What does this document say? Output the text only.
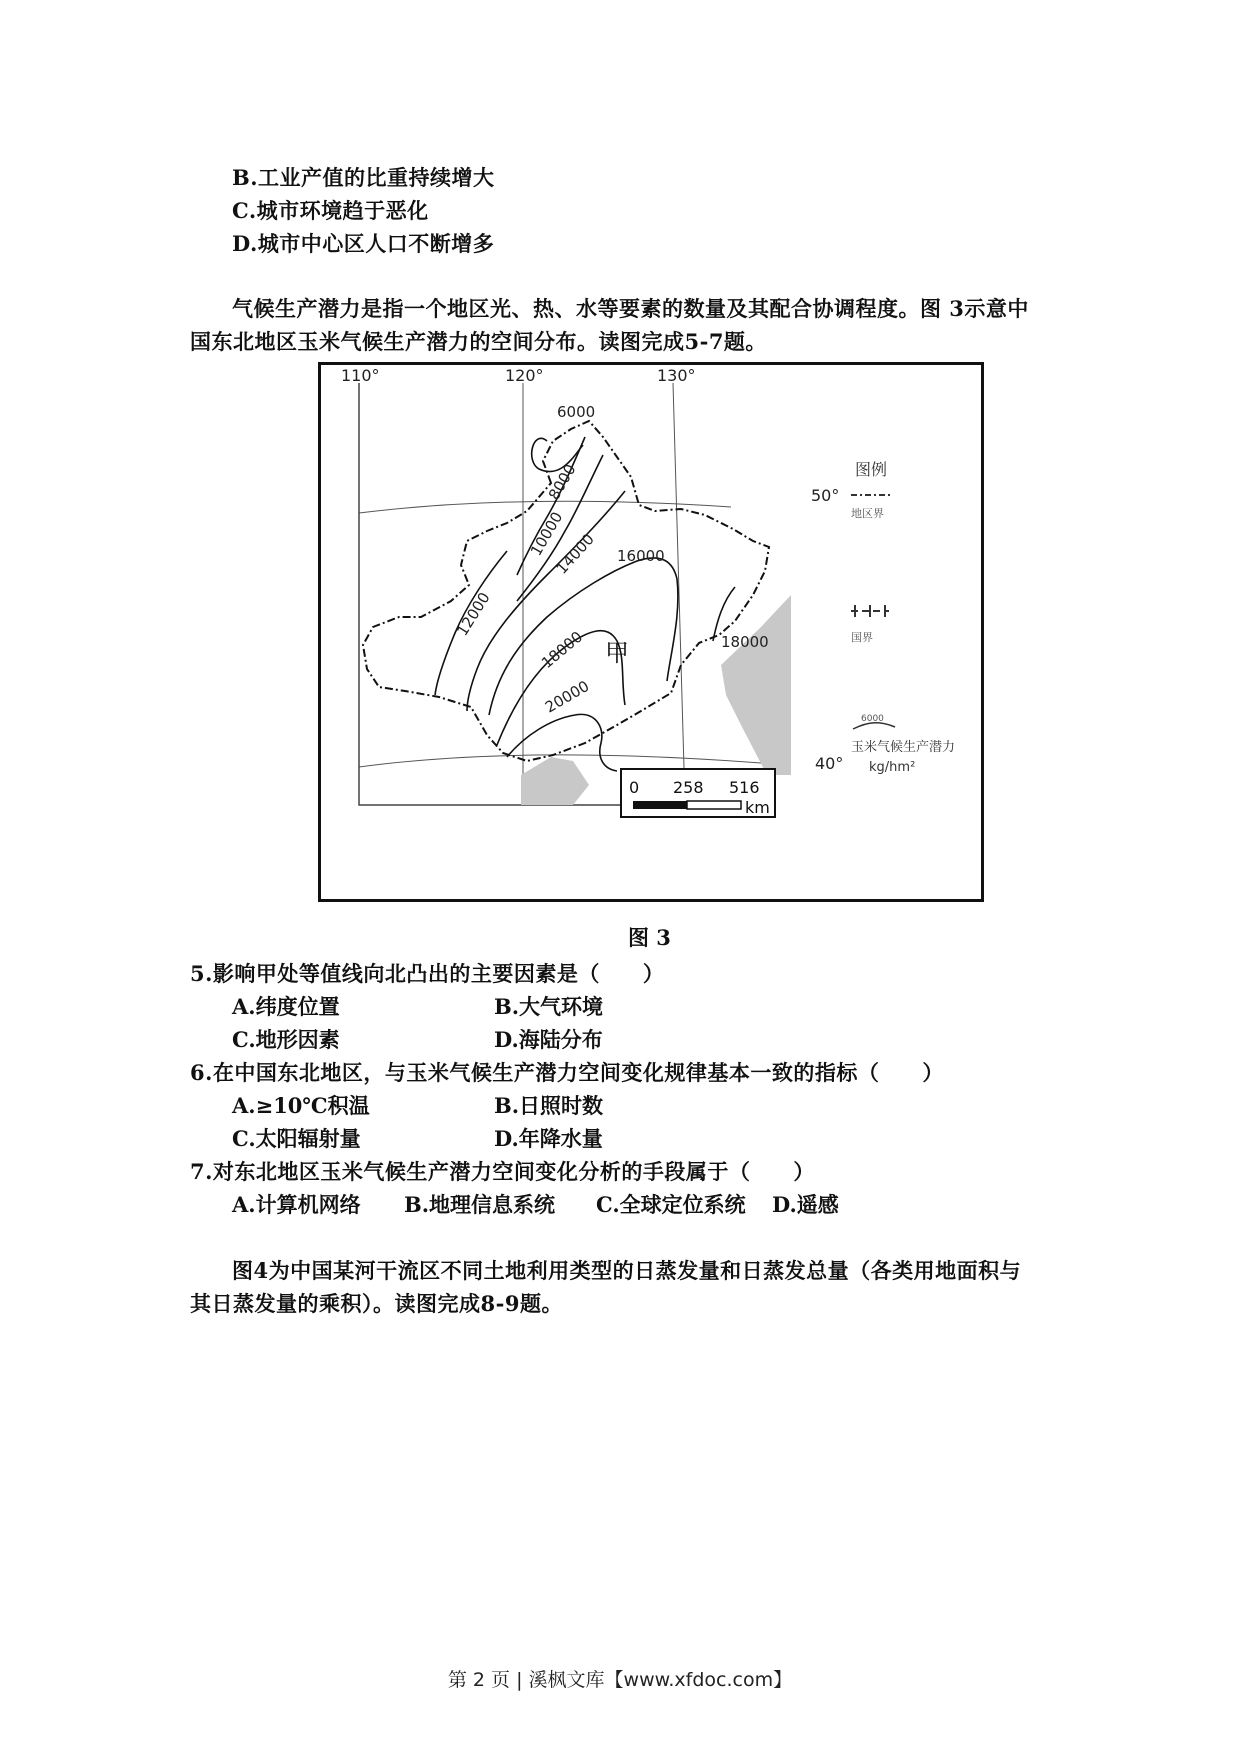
B.工业产值的比重持续增大
C.城市环境趋于恶化
D.城市中心区人口不断增多
气候生产潜力是指一个地区光、热、水等要素的数量及其配合协调程度。图 3示意中
国东北地区玉米气候生产潜力的空间分布。读图完成5-7题。
6000
8000
10000
12000
14000 16000
18000	18000
20000
甲
110°	120°	130°
50°
40°
图例
地区界
国界
6000
玉米气候生产潜力
kg/hm²
0 258 516
km
图 3
5.影响甲处等值线向北凸出的主要因素是（　　）
A.纬度位置	B.大气环境
C.地形因素	D.海陆分布
6.在中国东北地区，与玉米气候生产潜力空间变化规律基本一致的指标（　　）
A.≥10℃积温	B.日照时数
C.太阳辐射量	D.年降水量
7.对东北地区玉米气候生产潜力空间变化分析的手段属于（　　）
A.计算机网络 B.地理信息系统 C.全球定位系统 D.遥感
图4为中国某河干流区不同土地利用类型的日蒸发量和日蒸发总量（各类用地面积与
其日蒸发量的乘积）。读图完成8-9题。
第 2 页 | 溪枫文库【www.xfdoc.com】
